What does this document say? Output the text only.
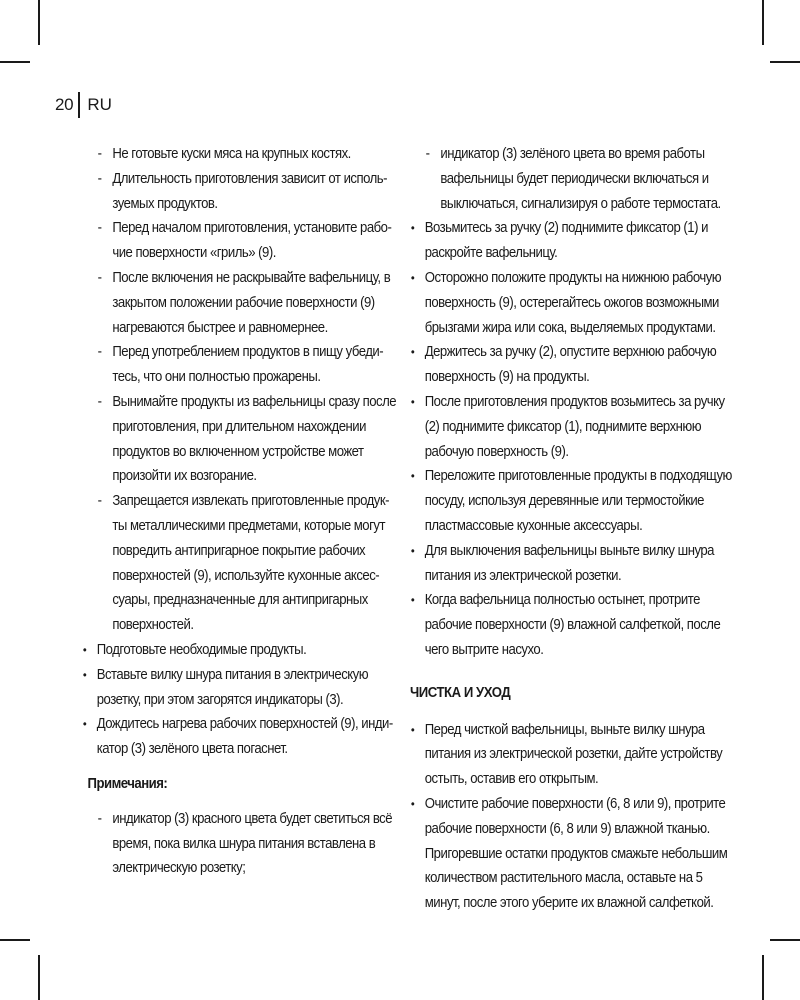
20 RU
- Не готовьте куски мяса на крупных костях.
- Длительность приготовления зависит от исполь-зуемых продуктов.
- Перед началом приготовления, установите рабо-чие поверхности «гриль» (9).
- После включения не раскрывайте вафельницу, в закрытом положении рабочие поверхности (9) нагреваются быстрее и равномернее.
- Перед употреблением продуктов в пищу убеди-тесь, что они полностью прожарены.
- Вынимайте продукты из вафельницы сразу после приготовления, при длительном нахождении продуктов во включенном устройстве может произойти их возгорание.
- Запрещается извлекать приготовленные продук-ты металлическими предметами, которые могут повредить антипригарное покрытие рабочих поверхностей (9), используйте кухонные аксес-суары, предназначенные для антипригарных поверхностей.
• Подготовьте необходимые продукты.
• Вставьте вилку шнура питания в электрическую розетку, при этом загорятся индикаторы (3).
• Дождитесь нагрева рабочих поверхностей (9), инди-катор (3) зелёного цвета погаснет.
Примечания:
- индикатор (3) красного цвета будет светиться всё время, пока вилка шнура питания вставлена в электрическую розетку;
- индикатор (3) зелёного цвета во время работы вафельницы будет периодически включаться и выключаться, сигнализируя о работе термостата.
• Возьмитесь за ручку (2) поднимите фиксатор (1) и раскройте вафельницу.
• Осторожно положите продукты на нижнюю рабочую поверхность (9), остерегайтесь ожогов возможными брызгами жира или сока, выделяемых продуктами.
• Держитесь за ручку (2), опустите верхнюю рабочую поверхность (9) на продукты.
• После приготовления продуктов возьмитесь за ручку (2) поднимите фиксатор (1), поднимите верхнюю рабочую поверхность (9).
• Переложите приготовленные продукты в подходящую посуду, используя деревянные или термостойкие пластмассовые кухонные аксессуары.
• Для выключения вафельницы выньте вилку шнура питания из электрической розетки.
• Когда вафельница полностью остынет, протрите рабочие поверхности (9) влажной салфеткой, после чего вытрите насухо.
ЧИСТКА И УХОД
• Перед чисткой вафельницы, выньте вилку шнура питания из электрической розетки, дайте устройству остыть, оставив его открытым.
• Очистите рабочие поверхности (6, 8 или 9), протрите рабочие поверхности (6, 8 или 9) влажной тканью. Пригоревшие остатки продуктов смажьте небольшим количеством растительного масла, оставьте на 5 минут, после этого уберите их влажной салфеткой.
